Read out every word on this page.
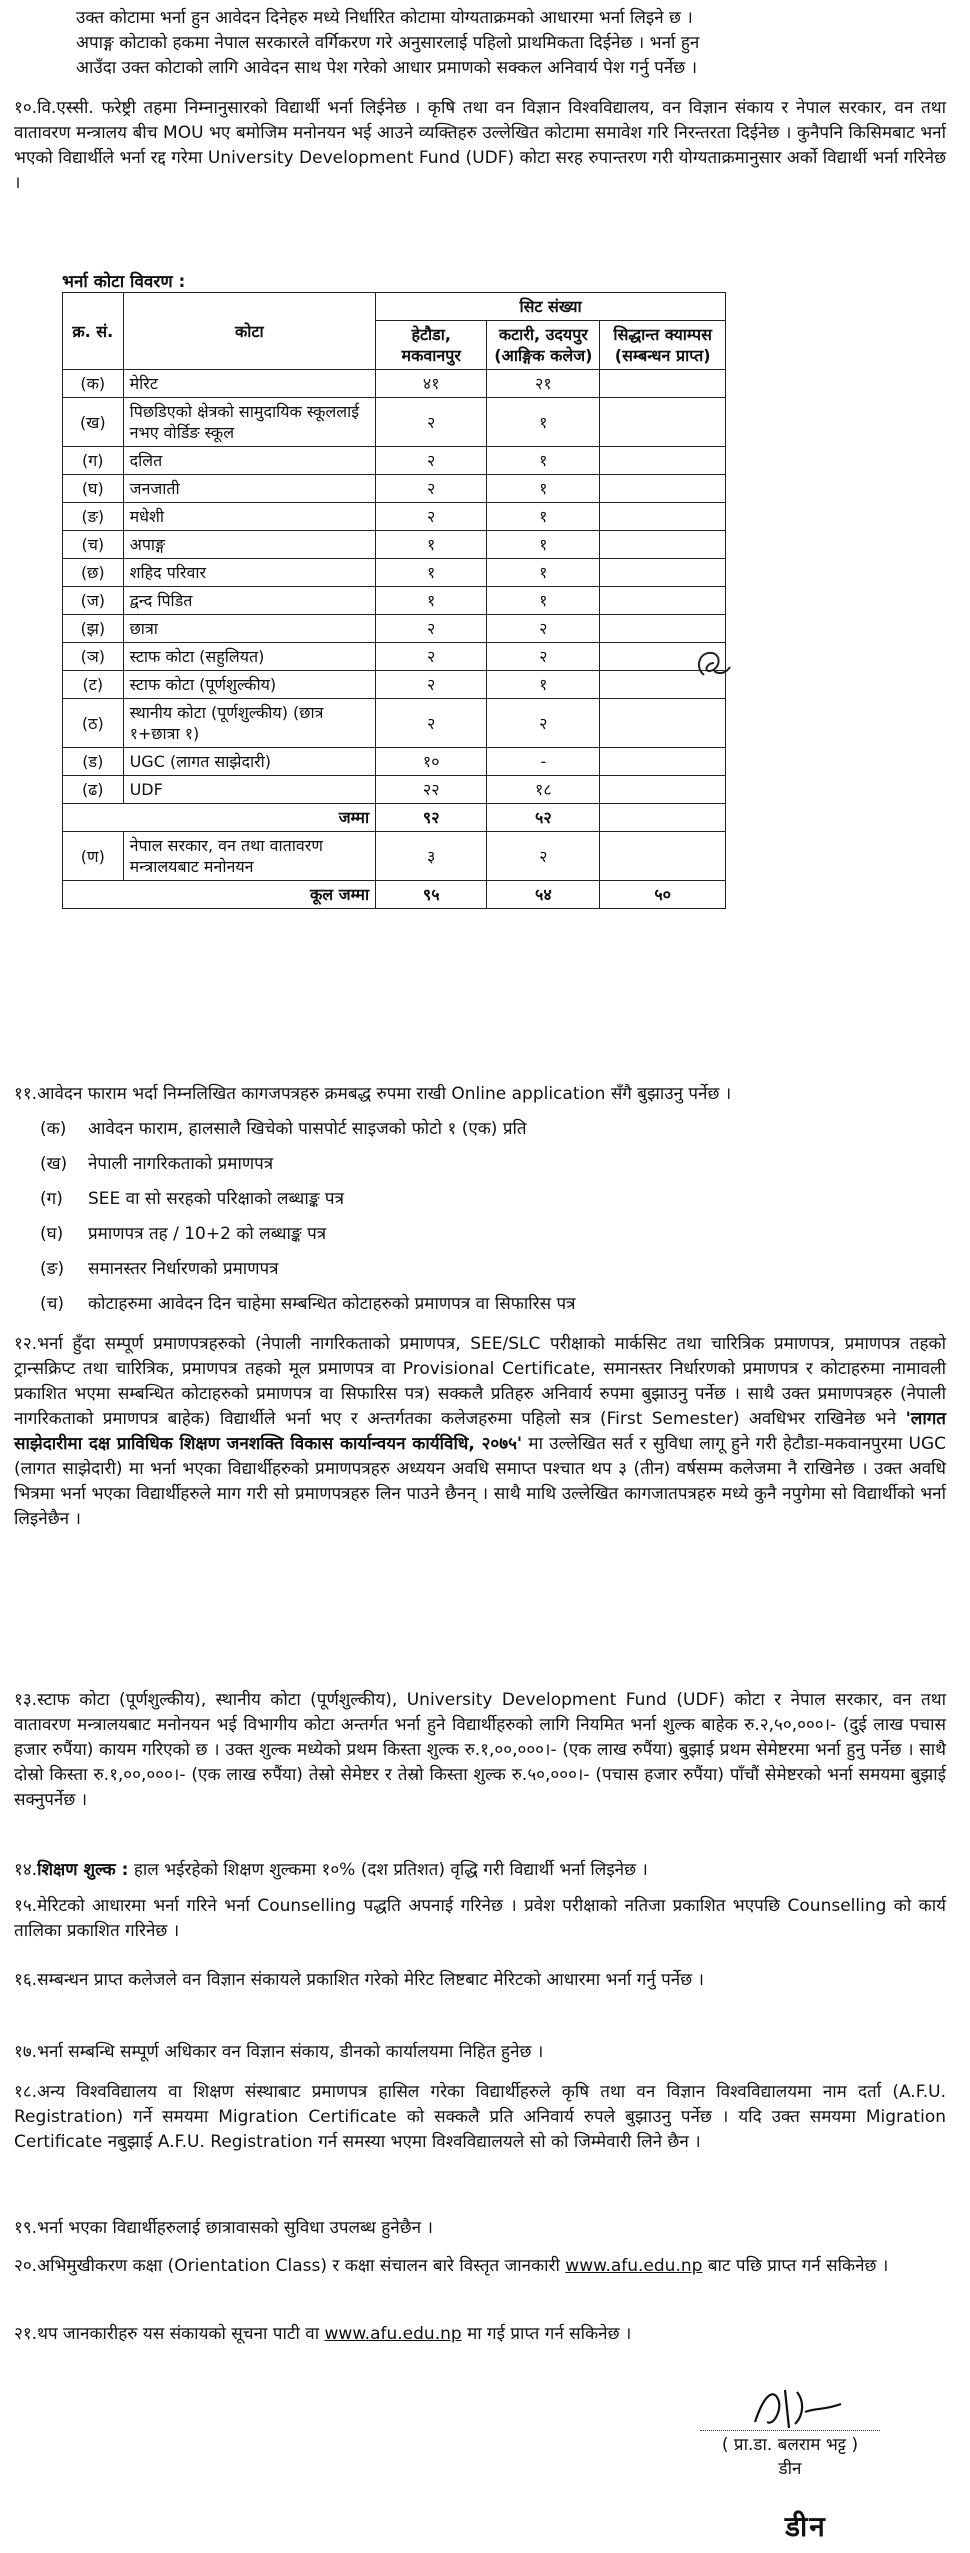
उक्त कोटामा भर्ना हुन आवेदन दिनेहरु मध्ये निर्धारित कोटामा योग्यताक्रमको आधारमा भर्ना लिइने छ ।
अपाङ्ग कोटाको हकमा नेपाल सरकारले वर्गिकरण गरे अनुसारलाई पहिलो प्राथमिकता दिईनेछ । भर्ना हुन
आउँदा उक्त कोटाको लागि आवेदन साथ पेश गरेको आधार प्रमाणको सक्कल अनिवार्य पेश गर्नु पर्नेछ ।
१०.वि.एस्सी. फरेष्ट्री तहमा निम्नानुसारको विद्यार्थी भर्ना लिईनेछ । कृषि तथा वन विज्ञान विश्वविद्यालय, वन विज्ञान संकाय र नेपाल सरकार, वन तथा वातावरण मन्त्रालय बीच MOU भए बमोजिम मनोनयन भई आउने व्यक्तिहरु उल्लेखित कोटामा समावेश गरि निरन्तरता दिईनेछ । कुनैपनि किसिमबाट भर्ना भएको विद्यार्थीले भर्ना रद्द गरेमा University Development Fund (UDF) कोटा सरह रुपान्तरण गरी योग्यताक्रमानुसार अर्को विद्यार्थी भर्ना गरिनेछ ।
भर्ना कोटा विवरण :
क्र. सं.	कोटा	सिट संख्या		
		हेटौडा, मकवानपुर	कटारी, उदयपुर (आङ्गिक कलेज)	सिद्धान्त क्याम्पस (सम्बन्धन प्राप्त)
(क)	मेरिट	४१	२१	
(ख)	पिछडिएको क्षेत्रको सामुदायिक स्कूललाई नभए वोर्डिङ स्कूल	२	१	
(ग)	दलित	२	१	
(घ)	जनजाती	२	१	
(ङ)	मधेशी	२	१	
(च)	अपाङ्ग	१	१	
(छ)	शहिद परिवार	१	१	
(ज)	द्वन्द पिडित	१	१	
(झ)	छात्रा	२	२	
(ञ)	स्टाफ कोटा (सहुलियत)	२	२	
(ट)	स्टाफ कोटा (पूर्णशुल्कीय)	२	१	
(ठ)	स्थानीय कोटा (पूर्णशुल्कीय) (छात्र १+छात्रा १)	२	२	
(ड)	UGC (लागत साझेदारी)	१०	-	
(ढ)	UDF	२२	१८	
जम्मा		९२	५२	
(ण)	नेपाल सरकार, वन तथा वातावरण मन्त्रालयबाट मनोनयन	३	२	
कूल जम्मा		९५	५४	५०
११.आवेदन फाराम भर्दा निम्नलिखित कागजपत्रहरु क्रमबद्ध रुपमा राखी Online application सँगै बुझाउनु पर्नेछ ।
(क) आवेदन फाराम, हालसालै खिचेको पासपोर्ट साइजको फोटो १ (एक) प्रति
(ख) नेपाली नागरिकताको प्रमाणपत्र
(ग) SEE वा सो सरहको परिक्षाको लब्धाङ्क पत्र
(घ) प्रमाणपत्र तह / 10+2 को लब्धाङ्क पत्र
(ङ) समानस्तर निर्धारणको प्रमाणपत्र
(च) कोटाहरुमा आवेदन दिन चाहेमा सम्बन्धित कोटाहरुको प्रमाणपत्र वा सिफारिस पत्र
१२.भर्ना हुँदा सम्पूर्ण प्रमाणपत्रहरुको (नेपाली नागरिकताको प्रमाणपत्र, SEE/SLC परीक्षाको मार्कसिट तथा चारित्रिक प्रमाणपत्र, प्रमाणपत्र तहको ट्रान्सक्रिप्ट तथा चारित्रिक, प्रमाणपत्र तहको मूल प्रमाणपत्र वा Provisional Certificate, समानस्तर निर्धारणको प्रमाणपत्र र कोटाहरुमा नामावली प्रकाशित भएमा सम्बन्धित कोटाहरुको प्रमाणपत्र वा सिफारिस पत्र) सक्कलै प्रतिहरु अनिवार्य रुपमा बुझाउनु पर्नेछ । साथै उक्त प्रमाणपत्रहरु (नेपाली नागरिकताको प्रमाणपत्र बाहेक) विद्यार्थीले भर्ना भए र अन्तर्गतका कलेजहरुमा पहिलो सत्र (First Semester) अवधिभर राखिनेछ भने 'लागत साझेदारीमा दक्ष प्राविधिक शिक्षण जनशक्ति विकास कार्यान्वयन कार्यविधि, २०७५' मा उल्लेखित सर्त र सुविधा लागू हुने गरी हेटौडा-मकवानपुरमा UGC (लागत साझेदारी) मा भर्ना भएका विद्यार्थीहरुको प्रमाणपत्रहरु अध्ययन अवधि समाप्त पश्चात थप ३ (तीन) वर्षसम्म कलेजमा नै राखिनेछ । उक्त अवधि भित्रमा भर्ना भएका विद्यार्थीहरुले माग गरी सो प्रमाणपत्रहरु लिन पाउने छैनन् । साथै माथि उल्लेखित कागजातपत्रहरु मध्ये कुनै नपुगेमा सो विद्यार्थीको भर्ना लिइनेछैन ।
१३.स्टाफ कोटा (पूर्णशुल्कीय), स्थानीय कोटा (पूर्णशुल्कीय), University Development Fund (UDF) कोटा र नेपाल सरकार, वन तथा वातावरण मन्त्रालयबाट मनोनयन भई विभागीय कोटा अन्तर्गत भर्ना हुने विद्यार्थीहरुको लागि नियमित भर्ना शुल्क बाहेक रु.२,५०,०००।- (दुई लाख पचास हजार रुपैंया) कायम गरिएको छ । उक्त शुल्क मध्येको प्रथम किस्ता शुल्क रु.१,००,०००।- (एक लाख रुपैंया) बुझाई प्रथम सेमेष्टरमा भर्ना हुनु पर्नेछ । साथै दोस्रो किस्ता रु.१,००,०००।- (एक लाख रुपैंया) तेस्रो सेमेष्टर र तेस्रो किस्ता शुल्क रु.५०,०००।- (पचास हजार रुपैंया) पाँचौं सेमेष्टरको भर्ना समयमा बुझाई सक्नुपर्नेछ ।
१४.शिक्षण शुल्क : हाल भईरहेको शिक्षण शुल्कमा १०% (दश प्रतिशत) वृद्धि गरी विद्यार्थी भर्ना लिइनेछ ।
१५.मेरिटको आधारमा भर्ना गरिने भर्ना Counselling पद्धति अपनाई गरिनेछ । प्रवेश परीक्षाको नतिजा प्रकाशित भएपछि Counselling को कार्य तालिका प्रकाशित गरिनेछ ।
१६.सम्बन्धन प्राप्त कलेजले वन विज्ञान संकायले प्रकाशित गरेको मेरिट लिष्टबाट मेरिटको आधारमा भर्ना गर्नु पर्नेछ ।
१७.भर्ना सम्बन्धि सम्पूर्ण अधिकार वन विज्ञान संकाय, डीनको कार्यालयमा निहित हुनेछ ।
१८.अन्य विश्वविद्यालय वा शिक्षण संस्थाबाट प्रमाणपत्र हासिल गरेका विद्यार्थीहरुले कृषि तथा वन विज्ञान विश्वविद्यालयमा नाम दर्ता (A.F.U. Registration) गर्ने समयमा Migration Certificate को सक्कलै प्रति अनिवार्य रुपले बुझाउनु पर्नेछ । यदि उक्त समयमा Migration Certificate नबुझाई A.F.U. Registration गर्न समस्या भएमा विश्वविद्यालयले सो को जिम्मेवारी लिने छैन ।
१९.भर्ना भएका विद्यार्थीहरुलाई छात्रावासको सुविधा उपलब्ध हुनेछैन ।
२०.अभिमुखीकरण कक्षा (Orientation Class) र कक्षा संचालन बारे विस्तृत जानकारी www.afu.edu.np बाट पछि प्राप्त गर्न सकिनेछ ।
२१.थप जानकारीहरु यस संकायको सूचना पाटी वा www.afu.edu.np मा गई प्राप्त गर्न सकिनेछ ।
( प्रा.डा. बलराम भट्ट )
डीन
डीन
